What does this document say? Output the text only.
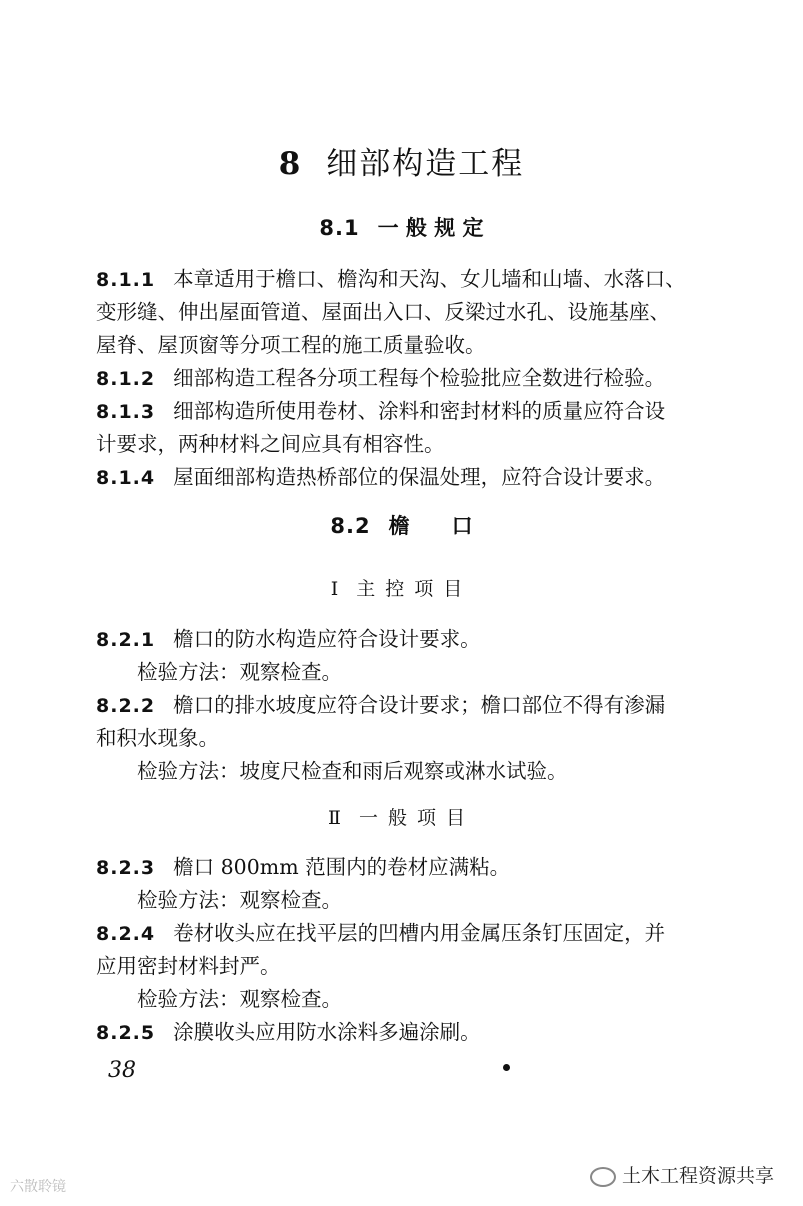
8 细部构造工程
8.1 一 般 规 定
8.1.1 本章适用于檐口、檐沟和天沟、女儿墙和山墙、水落口、
变形缝、伸出屋面管道、屋面出入口、反梁过水孔、设施基座、
屋脊、屋顶窗等分项工程的施工质量验收。
8.1.2 细部构造工程各分项工程每个检验批应全数进行检验。
8.1.3 细部构造所使用卷材、涂料和密封材料的质量应符合设
计要求，两种材料之间应具有相容性。
8.1.4 屋面细部构造热桥部位的保温处理，应符合设计要求。
8.2 檐　　口
Ⅰ 主控项目
8.2.1 檐口的防水构造应符合设计要求。
检验方法：观察检查。
8.2.2 檐口的排水坡度应符合设计要求；檐口部位不得有渗漏
和积水现象。
检验方法：坡度尺检查和雨后观察或淋水试验。
Ⅱ 一般项目
8.2.3 檐口 800mm 范围内的卷材应满粘。
检验方法：观察检查。
8.2.4 卷材收头应在找平层的凹槽内用金属压条钉压固定，并
应用密封材料封严。
检验方法：观察检查。
8.2.5 涂膜收头应用防水涂料多遍涂刷。
38
六散聆镜	土木工程资源共享
